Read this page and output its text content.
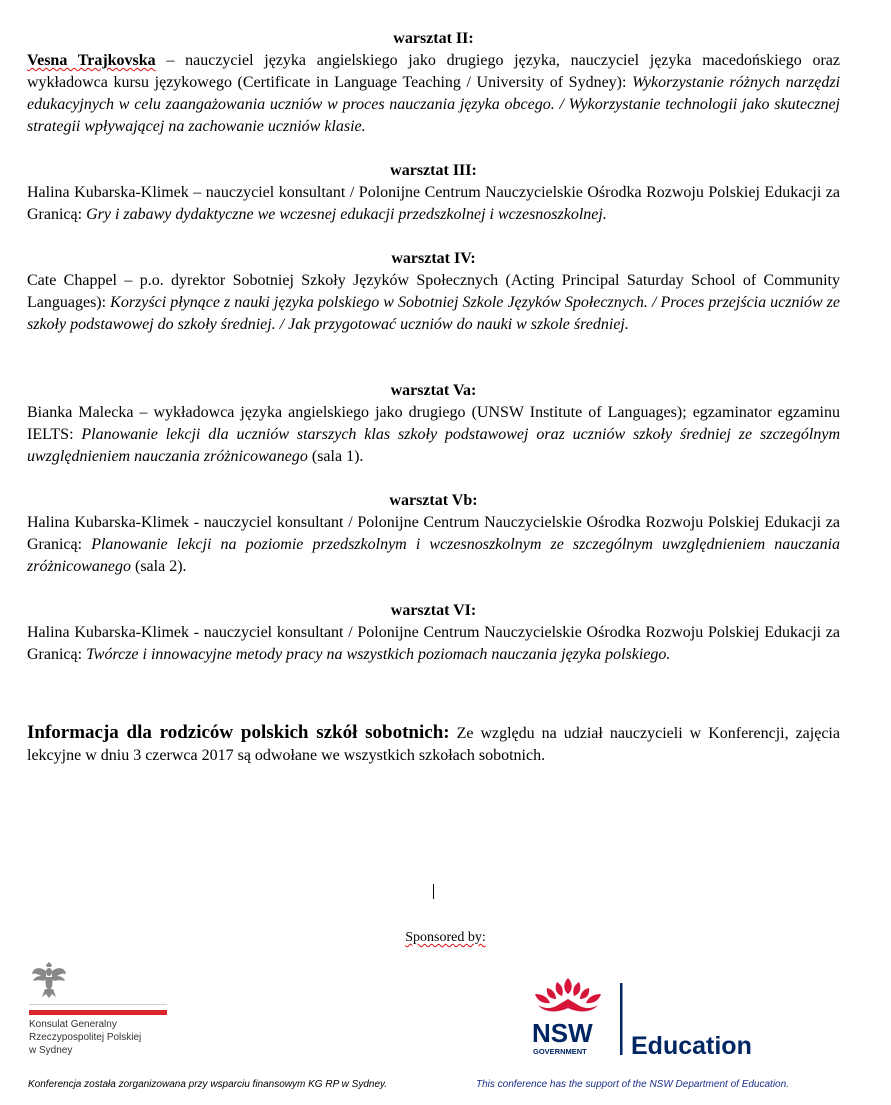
warsztat II:

Vesna Trajkovska – nauczyciel języka angielskiego jako drugiego języka, nauczyciel języka macedońskiego oraz wykładowca kursu językowego (Certificate in Language Teaching / University of Sydney): Wykorzystanie różnych narzędzi edukacyjnych w celu zaangażowania uczniów w proces nauczania języka obcego. / Wykorzystanie technologii jako skutecznej strategii wpływającej na zachowanie uczniów klasie.

warsztat III:

Halina Kubarska-Klimek – nauczyciel konsultant / Polonijne Centrum Nauczycielskie Ośrodka Rozwoju Polskiej Edukacji za Granicą: Gry i zabawy dydaktyczne we wczesnej edukacji przedszkolnej i wczesnoszkolnej.

warsztat IV:

Cate Chappel – p.o. dyrektor Sobotniej Szkoły Języków Społecznych (Acting Principal Saturday School of Community Languages): Korzyści płynące z nauki języka polskiego w Sobotniej Szkole Języków Społecznych. / Proces przejścia uczniów ze szkoły podstawowej do szkoły średniej. / Jak przygotować uczniów do nauki w szkole średniej.

warsztat Va:

Bianka Malecka – wykładowca języka angielskiego jako drugiego (UNSW Institute of Languages); egzaminator egzaminu IELTS: Planowanie lekcji dla uczniów starszych klas szkoły podstawowej oraz uczniów szkoły średniej ze szczególnym uwzględnieniem nauczania zróżnicowanego (sala 1).

warsztat Vb:

Halina Kubarska-Klimek - nauczyciel konsultant / Polonijne Centrum Nauczycielskie Ośrodka Rozwoju Polskiej Edukacji za Granicą: Planowanie lekcji na poziomie przedszkolnym i wczesnoszkolnym ze szczególnym uwzględnieniem nauczania zróżnicowanego (sala 2).

warsztat VI:

Halina Kubarska-Klimek - nauczyciel konsultant / Polonijne Centrum Nauczycielskie Ośrodka Rozwoju Polskiej Edukacji za Granicą: Twórcze i innowacyjne metody pracy na wszystkich poziomach nauczania języka polskiego.

Informacja dla rodziców polskich szkół sobotnich: Ze względu na udział nauczycieli w Konferencji, zajęcia lekcyjne w dniu 3 czerwca 2017 są odwołane we wszystkich szkołach sobotnich.

Sponsored by:
Konsulat Generalny
Rzeczypospolitej Polskiej
w Sydney
NSW
GOVERNMENT Education
Konferencja została zorganizowana przy wsparciu finansowym KG RP w Sydney.	This conference has the support of the NSW Department of Education.
